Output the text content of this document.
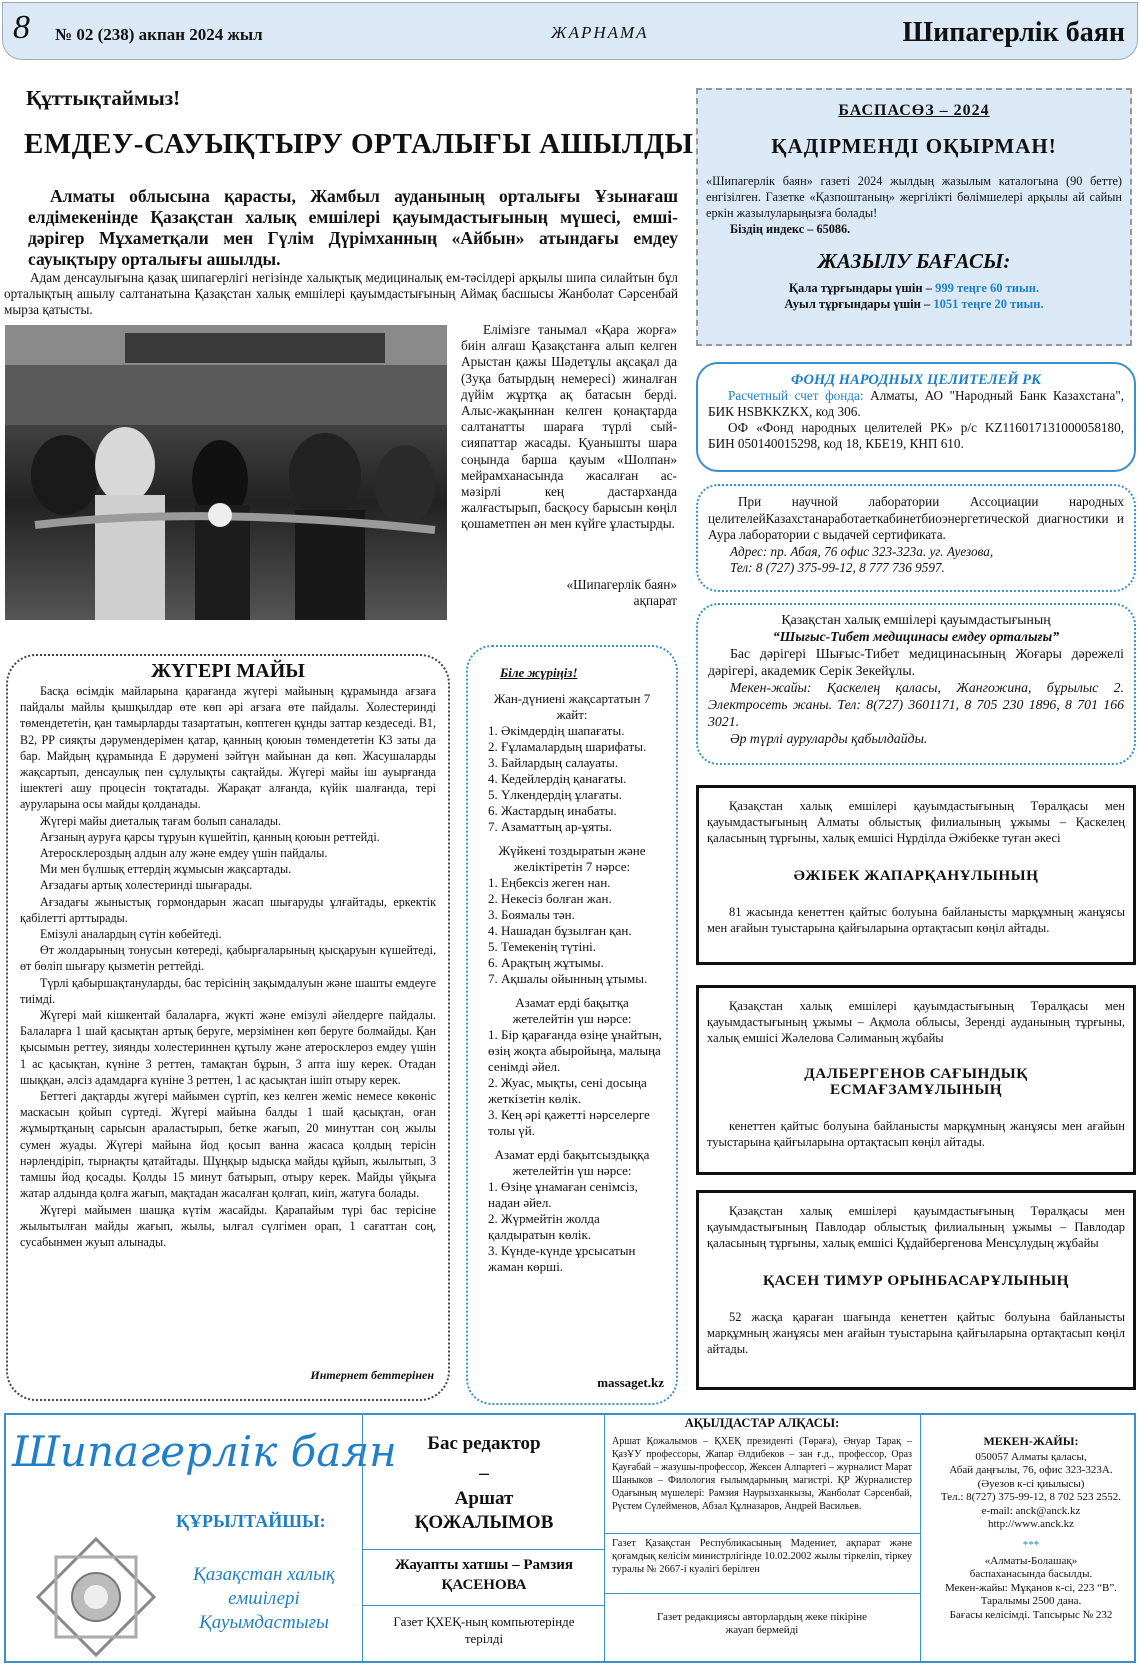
8 № 02 (238) акпан 2024 жыл	ЖАРНАМА	Шипагерлік баян
Құттықтаймыз!
ЕМДЕУ-САУЫҚТЫРУ ОРТАЛЫҒЫ АШЫЛДЫ

Алматы облысына қарасты, Жамбыл ауданының орталығы Ұзынағаш елдімекенінде Қазақстан халық емшілері қауымдастығының мүшесі, емші-дәрігер Мұхаметқали мен Гүлім Дүрімханның «Айбын» атындағы емдеу сауықтыру орталығы ашылды.

Адам денсаулығына қазақ шипагерлігі негізінде халықтық медициналық ем-тәсілдері арқылы шипа силайтын бұл орталықтың ашылу салтанатына Қазақстан халық емшілері қауымдастығының Аймақ басшысы Жанболат Сәрсенбай мырза қатысты.

Елімізге танымал «Қара жорға» биін алғаш Қазақстанға алып келген Арыстан қажы Шәдетұлы ақсақал да (Зуқа батырдың немересі) жиналған дүйім жұртқа ақ батасын берді. Алыс-жақыннан келген қонақтарда салтанатты шараға түрлі сый-сияпаттар жасады. Қуанышты шара соңында барша қауым «Шолпан» мейрамханасында жасалған ас-мәзірлі кең дастарханда жалғастырып, басқосу барысын көңіл қошаметпен ән мен күйге ұластырды.

«Шипагерлік баян»
ақпарат
ЖҮГЕРІ МАЙЫ

Басқа өсімдік майларына қарағанда жүгері майының құрамында ағзаға пайдалы майлы қышқылдар өте көп әрі ағзаға өте пайдалы. Холестеринді төмендететін, қан тамырларды тазартатын, көптеген құнды заттар кездеседі. В1, В2, РР сияқты дәрумендерімен қатар, қанның қоюын төмендететін К3 заты да бар. Майдың құрамында Е дәрумені зәйтүн майынан да көп. Жасушаларды жақсартып, денсаулық пен сұлулықты сақтайды. Жүгері майы іш ауырғанда ішектегі ашу процесін тоқтатады. Жарақат алғанда, күйік шалғанда, тері ауруларына осы майды қолданады.

Жүгері майы диеталық тағам болып саналады.

Ағзаның ауруға қарсы тұруын күшейтіп, қанның қоюын реттейді.

Атеросклероздың алдын алу және емдеу үшін пайдалы.

Ми мен бүлшық еттердің жұмысын жақсартады.

Ағзадағы артық холестеринді шығарады.

Ағзадағы жыныстық гормондарын жасап шығаруды ұлғайтады, еркектік қабілетті арттырады.

Емізулі аналардың сүтін көбейтеді.

Өт жолдарының тонусын көтереді, қабырғаларының қысқаруын күшейтеді, өт бөліп шығару қызметін реттейді.

Түрлі қабыршақтануларды, бас терісінің зақымдалуын және шашты емдеуге тиімді.

Жүгері май кішкентай балаларға, жүкті және емізулі әйелдерге пайдалы. Балаларға 1 шай қасықтан артық беруге, мерзімінен көп беруге болмайды. Қан қысымын реттеу, зиянды холестериннен құтылу және атеросклероз емдеу үшін 1 ас қасықтан, күніне 3 реттен, тамақтан бұрын, 3 апта ішу керек. Отадан шыққан, әлсіз адамдарға күніне 3 реттен, 1 ас қасықтан ішіп отыру керек.

Беттегі дақтарды жүгері майымен сүртіп, кез келген жеміс немесе көкөніс маскасын қойып сүртеді. Жүгері майына балды 1 шай қасықтан, оған жұмыртқаның сарысын араластырып, бетке жағып, 20 минуттан соң жылы сумен жуады. Жүгері майына йод қосып ванна жасаса қолдың терісін нәрлендіріп, тырнақты қатайтады. Шұңқыр ыдысқа майды құйып, жылытып, 3 тамшы йод қосады. Қолды 15 минут батырып, отыру керек. Майды үйқыға жатар алдында қолға жағып, мақтадан жасалған қолғап, киіп, жатуға болады.

Жүгері майымен шашқа күтім жасайды. Қарапайым түрі бас терісіне жылытылған майды жағып, жылы, ылғал сүлгімен орап, 1 сағаттан соң, сусабынмен жуып алынады.

Интернет беттерінен
Біле жүріңіз!
Жан-дүниені жақсартатын 7 жайт:
1. Әкімдердің шапағаты.
2. Ғұламалардың шарифаты.
3. Байлардың салауаты.
4. Кедейлердің қанағаты.
5. Үлкендердің ұлағаты.
6. Жастардың инабаты.
7. Азаматтың ар-ұяты.
Жүйкені тоздыратын және желіктіретін 7 нәрсе:
1. Еңбексіз жеген нан.
2. Некесіз болған жан.
3. Боямалы тән.
4. Нашадан бұзылған қан.
5. Темекенің түтіні.
6. Арақтың жұтымы.
7. Ақшалы ойынның ұтымы.
Азамат ерді бақытқа жетелейтін үш нәрсе:
1. Бір қарағанда өзіңе ұнайтын, өзің жоқта абыройыңа, малыңа сенімді әйел.
2. Жуас, мықты, сені досыңа жеткізетін көлік.
3. Кең әрі қажетті нәрселерге толы үй.
Азамат ерді бақытсыздыққа жетелейтін үш нәрсе:
1. Өзіңе ұнамаған сенімсіз, надан әйел.
2. Жүрмейтін жолда қалдыратын көлік.
3. Күнде-күнде ұрсысатын жаман көрші.
massaget.kz
БАСПАСӨЗ – 2024
ҚАДІРМЕНДІ ОҚЫРМАН!

«Шипагерлік баян» газеті 2024 жылдың жазылым каталогына (90 бетте) енгізілген. Газетке «Қазпоштаның» жергілікті бөлімшелері арқылы ай сайын еркін жазылуларыңызға болады!
Біздің индекс – 65086.

ЖАЗЫЛУ БАҒАСЫ:
Қала тұрғындары үшін – 999 теңге 60 тиын.
Ауыл тұрғындары үшін – 1051 теңге 20 тиын.
ФОНД НАРОДНЫХ ЦЕЛИТЕЛЕЙ РК

Расчетный счет фонда: Алматы, АО "Народный Банк Казахстана", БИК HSBKKZKX, код 306.

ОФ «Фонд народных целителей РК» р/с KZ116017131000058180, БИН 050140015298, код 18, КБЕ19, КНП 610.

При научной лаборатории Ассоциации народных целителейКазахстанаработаеткабинетбиоэнергетической диагностики и Аура лаборатории с выдачей сертификата.

Адрес: пр. Абая, 76 офис 323-323а. уг. Ауезова,

Тел: 8 (727) 375-99-12, 8 777 736 9597.

Қазақстан халық емшілері қауымдастығының
“Шығыс-Тибет медицинасы емдеу орталығы”

Бас дәрігері Шығыс-Тибет медицинасының Жоғары дәрежелі дәрігері, академик Серік Зекейұлы.

Мекен-жайы: Қаскелең қаласы, Жангожина, бұрылыс 2. Электросеть жаны. Тел: 8(727) 3601171, 8 705 230 1896, 8 701 166 3021.

Әр түрлі ауруларды қабылдайды.

Қазақстан халық емшілері қауымдастығының Төралқасы мен қауымдастығының Алматы облыстық филиалының ұжымы – Қаскелең қаласының тұрғыны, халық емшісі Нұрділда Әжібекке туған әкесі

ӘЖІБЕК ЖАПАРҚАНҰЛЫНЫҢ

81 жасында кенеттен қайтыс болуына байланысты марқұмның жанұясы мен ағайын туыстарына қайғыларына ортақтасып көңіл айтады.

Қазақстан халық емшілері қауымдастығының Төралқасы мен қауымдастығының ұжымы – Ақмола облысы, Зеренді ауданының тұрғыны, халық емшісі Жәлелова Сәлиманың жұбайы

ДАЛБЕРГЕНОВ САҒЫНДЫҚ ЕСМАҒЗАМҰЛЫНЫҢ

кенеттен қайтыс болуына байланысты марқұмның жанұясы мен ағайын туыстарына қайғыларына ортақтасып көңіл айтады.

Қазақстан халық емшілері қауымдастығының Төралқасы мен қауымдастығының Павлодар облыстық филиалының ұжымы – Павлодар қаласының тұрғыны, халық емшісі Құдайбергенова Менсұлудың жұбайы

ҚАСЕН ТИМУР ОРЫНБАСАРҰЛЫНЫҢ

52 жасқа қараған шағында кенеттен қайтыс болуына байланысты марқұмның жанұясы мен ағайын туыстарына қайғыларына ортақтасып көңіл айтады.

Шипагерлік баян
ҚҰРЫЛТАЙШЫ:
Қазақстан халық емшілері Қауымдастығы
Бас редактор
–
Аршат ҚОЖАЛЫМОВ
Жауапты хатшы – Рамзия ҚАСЕНОВА
Газет ҚХЕҚ-ның компьютерінде терілді
АҚЫЛДАСТАР АЛҚАСЫ:

Аршат Қожалымов – ҚХЕҚ президенті (Төраға), Әнуар Тарақ – ҚазҰУ профессоры, Жапар Әлдибеков – зан ғ.д., профессор, Ораз Қауғабай – жазушы-профессор, Жексен Алпартегі – журналист Марат Шаныков – Филология ғылымдарының магистрі. ҚР Журналистер Одағының мүшелері: Рамзия Наурызханкызы, Жанболат Сәрсенбай, Рүстем Сүлейменов, Абзал Құлназаров, Андрей Васильев.

Газет Қазақстан Республикасының Мәдениет, ақпарат және қоғамдық келісім министрлігінде 10.02.2002 жылы тіркеліп, тіркеу туралы № 2667-і куәлігі берілген

Газет редакциясы авторлардың жеке пікіріне жауап бермейді

МЕКЕН-ЖАЙЫ:
050057 Алматы қаласы,
Абай даңғылы, 76, офис 323-323А.
(Әуезов к-сі қиылысы)
Тел.: 8(727) 375-99-12, 8 702 523 2552.
e-mail: anck@anck.kz
http://www.anck.kz
***
«Алматы-Болашақ»
баспаханасында басылды.
Мекен-жайы: Мұқанов к-сі, 223 “В”.
Таралымы 2500 дана.
Бағасы келісімді. Тапсырыс № 232
